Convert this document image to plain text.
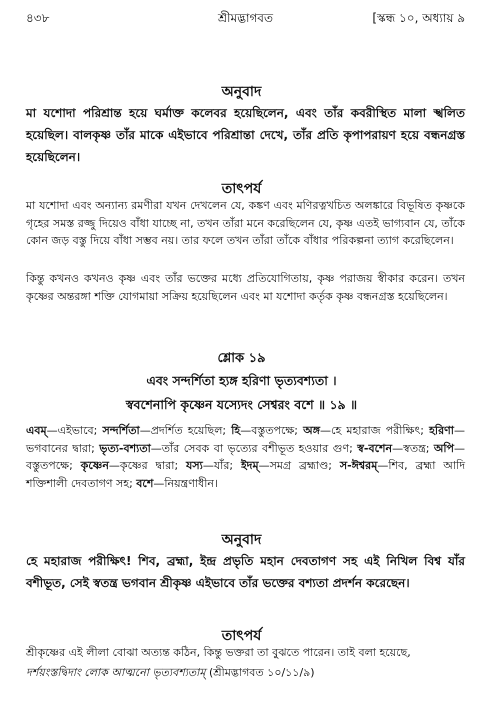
৪৩৮	শ্রীমদ্ভাগবত	[স্কন্ধ ১০, অধ্যায় ৯
অনুবাদ
মা যশোদা পরিশ্রান্ত হয়ে ঘর্মাক্ত কলেবর হয়েছিলেন, এবং তাঁর কবরীস্থিত মালা স্খলিত হয়েছিল। বালকৃষ্ণ তাঁর মাকে এইভাবে পরিশ্রান্তা দেখে, তাঁর প্রতি কৃপাপরায়ণ হয়ে বন্ধনগ্রস্ত হয়েছিলেন।
তাৎপর্য
মা যশোদা এবং অন্যান্য রমণীরা যখন দেখলেন যে, কঙ্কণ এবং মণিরত্নখচিত অলঙ্কারে বিভূষিত কৃষ্ণকে গৃহের সমস্ত রজ্জু দিয়েও বাঁধা যাচ্ছে না, তখন তাঁরা মনে করেছিলেন যে, কৃষ্ণ এতই ভাগ্যবান যে, তাঁকে কোন জড় বস্তু দিয়ে বাঁধা সম্ভব নয়। তার ফলে তখন তাঁরা তাঁকে বাঁধার পরিকল্পনা ত্যাগ করেছিলেন।
কিন্তু কখনও কখনও কৃষ্ণ এবং তাঁর ভক্তের মধ্যে প্রতিযোগিতায়, কৃষ্ণ পরাজয় স্বীকার করেন। তখন কৃষ্ণের অন্তরঙ্গা শক্তি যোগমায়া সক্রিয় হয়েছিলেন এবং মা যশোদা কর্তৃক কৃষ্ণ বন্ধনগ্রস্ত হয়েছিলেন।
শ্লোক ১৯
এবং সন্দর্শিতা হ্যঙ্গ হরিণা ভৃত্যবশ্যতা ।
স্ববশেনাপি কৃষ্ণেন যস্যেদং সেশ্বরং বশে ॥ ১৯ ॥
এবম্—এইভাবে; সন্দর্শিতা—প্রদর্শিত হয়েছিল; হি—বস্তুতপক্ষে; অঙ্গ—হে মহারাজ পরীক্ষিৎ; হরিণা—ভগবানের দ্বারা; ভৃত্য-বশ্যতা—তাঁর সেবক বা ভৃত্যের বশীভূত হওয়ার গুণ; স্ব-বশেন—স্বতন্ত্র; অপি—বস্তুতপক্ষে; কৃষ্ণেন—কৃষ্ণের দ্বারা; যস্য—যাঁর; ইদম্—সমগ্র ব্রহ্মাণ্ড; স-ঈশ্বরম্—শিব, ব্রহ্মা আদি শক্তিশালী দেবতাগণ সহ; বশে—নিয়ন্ত্রণাধীন।
অনুবাদ
হে মহারাজ পরীক্ষিৎ! শিব, ব্রহ্মা, ইন্দ্র প্রভৃতি মহান দেবতাগণ সহ এই নিখিল বিশ্ব যাঁর বশীভূত, সেই স্বতন্ত্র ভগবান শ্রীকৃষ্ণ এইভাবে তাঁর ভক্তের বশ্যতা প্রদর্শন করেছেন।
তাৎপর্য
শ্রীকৃষ্ণের এই লীলা বোঝা অত্যন্ত কঠিন, কিন্তু ভক্তরা তা বুঝতে পারেন। তাই বলা হয়েছে, দর্শয়ংস্তদ্বিদাং লোক আত্মনো ভৃত্যবশ্যতাম্ (শ্রীমদ্ভাগবত ১০/১১/৯)
